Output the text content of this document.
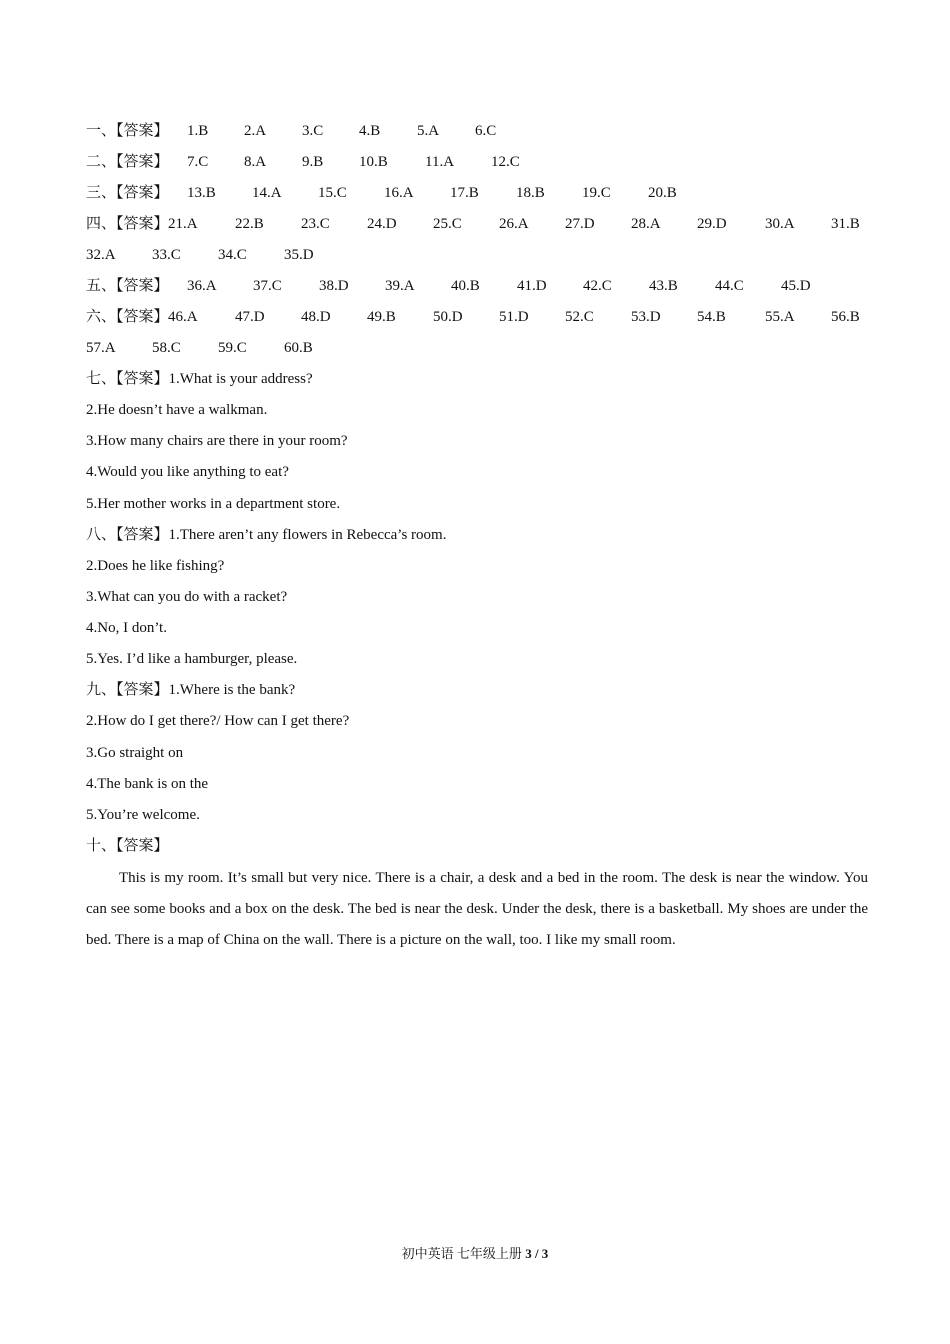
一、【答案】 1.B 2.A 3.C 4.B 5.A 6.C
二、【答案】 7.C 8.A 9.B 10.B 11.A 12.C
三、【答案】 13.B 14.A 15.C 16.A 17.B 18.B 19.C 20.B
四、【答案】 21.A 22.B 23.C 24.D 25.C 26.A 27.D 28.A 29.D	30.A 31.B
32.A 33.C 34.C 35.D
五、【答案】 36.A 37.C 38.D 39.A 40.B 41.D 42.C 43.B 44.C 45.D
六、【答案】 46.A 47.D 48.D 49.B 50.D 51.D 52.C 53.D 54.B	55.A 56.B
57.A 58.C 59.C 60.B
七、【答案】1.What is your address?
2.He doesn’t have a walkman.
3.How many chairs are there in your room?
4.Would you like anything to eat?
5.Her mother works in a department store.
八、【答案】1.There aren’t any flowers in Rebecca’s room.
2.Does he like fishing?
3.What can you do with a racket?
4.No, I don’t.
5.Yes. I’d like a hamburger, please.
九、【答案】1.Where is the bank?
2.How do I get there?/ How can I get there?
3.Go straight on
4.The bank is on the
5.You’re welcome.
十、【答案】
This is my room. It’s small but very nice. There is a chair, a desk and a bed in the room. The desk is near the window. You can see some books and a box on the desk. The bed is near the desk. Under the desk, there is a basketball. My shoes are under the bed. There is a map of China on the wall. There is a picture on the wall, too. I like my small room.
初中英语 七年级上册 3 / 3
